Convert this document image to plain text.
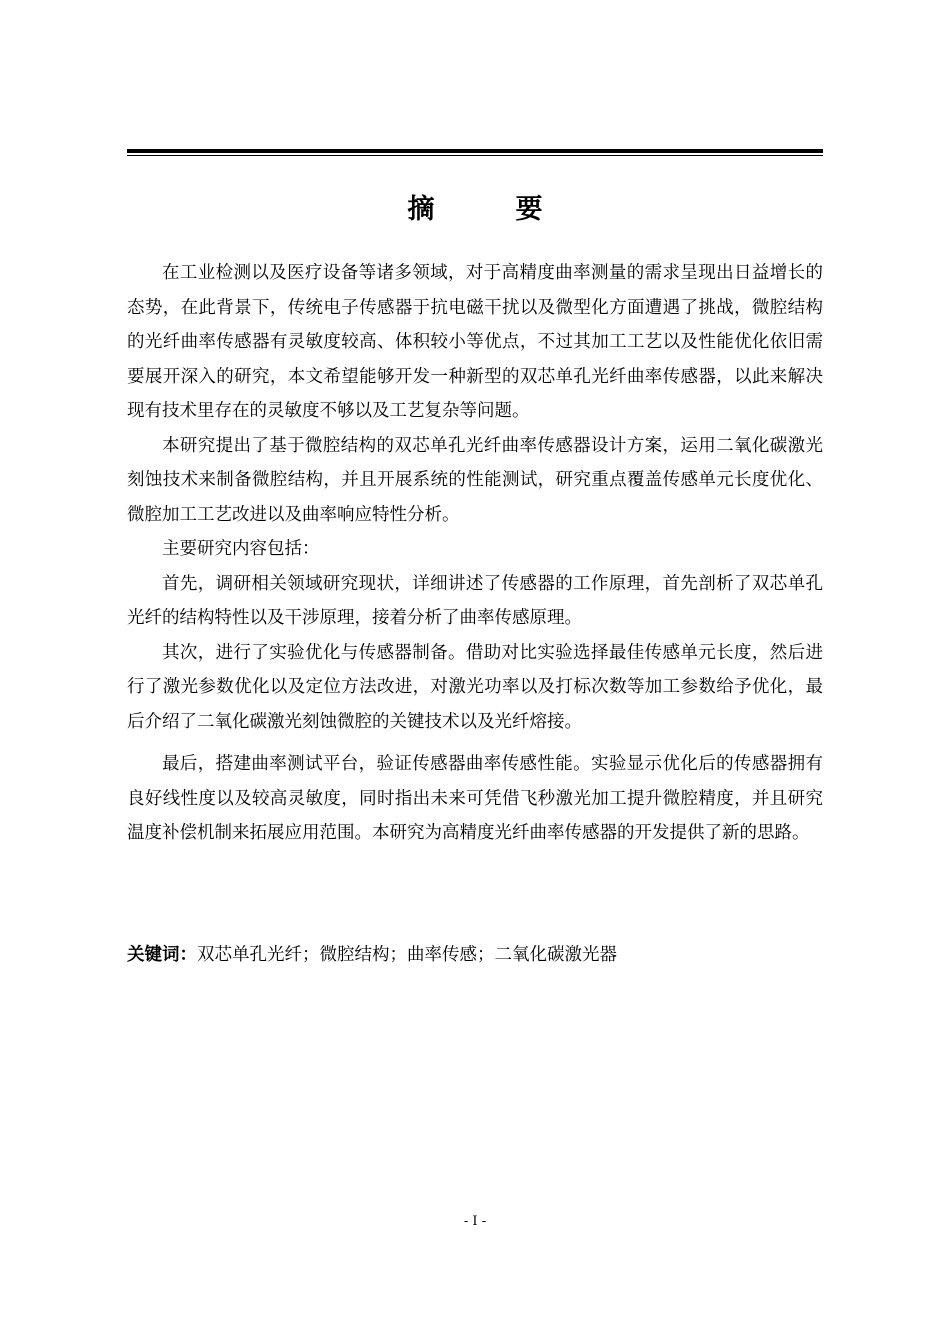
摘　要

在工业检测以及医疗设备等诸多领域，对于高精度曲率测量的需求呈现出日益增长的态势，在此背景下，传统电子传感器于抗电磁干扰以及微型化方面遭遇了挑战，微腔结构的光纤曲率传感器有灵敏度较高、体积较小等优点，不过其加工工艺以及性能优化依旧需要展开深入的研究，本文希望能够开发一种新型的双芯单孔光纤曲率传感器，以此来解决现有技术里存在的灵敏度不够以及工艺复杂等问题。

本研究提出了基于微腔结构的双芯单孔光纤曲率传感器设计方案，运用二氧化碳激光刻蚀技术来制备微腔结构，并且开展系统的性能测试，研究重点覆盖传感单元长度优化、微腔加工工艺改进以及曲率响应特性分析。

主要研究内容包括：

首先，调研相关领域研究现状，详细讲述了传感器的工作原理，首先剖析了双芯单孔光纤的结构特性以及干涉原理，接着分析了曲率传感原理。

其次，进行了实验优化与传感器制备。借助对比实验选择最佳传感单元长度，然后进行了激光参数优化以及定位方法改进，对激光功率以及打标次数等加工参数给予优化，最后介绍了二氧化碳激光刻蚀微腔的关键技术以及光纤熔接。

最后，搭建曲率测试平台，验证传感器曲率传感性能。实验显示优化后的传感器拥有良好线性度以及较高灵敏度，同时指出未来可凭借飞秒激光加工提升微腔精度，并且研究温度补偿机制来拓展应用范围。本研究为高精度光纤曲率传感器的开发提供了新的思路。

关键词：双芯单孔光纤；微腔结构；曲率传感；二氧化碳激光器
- I -
